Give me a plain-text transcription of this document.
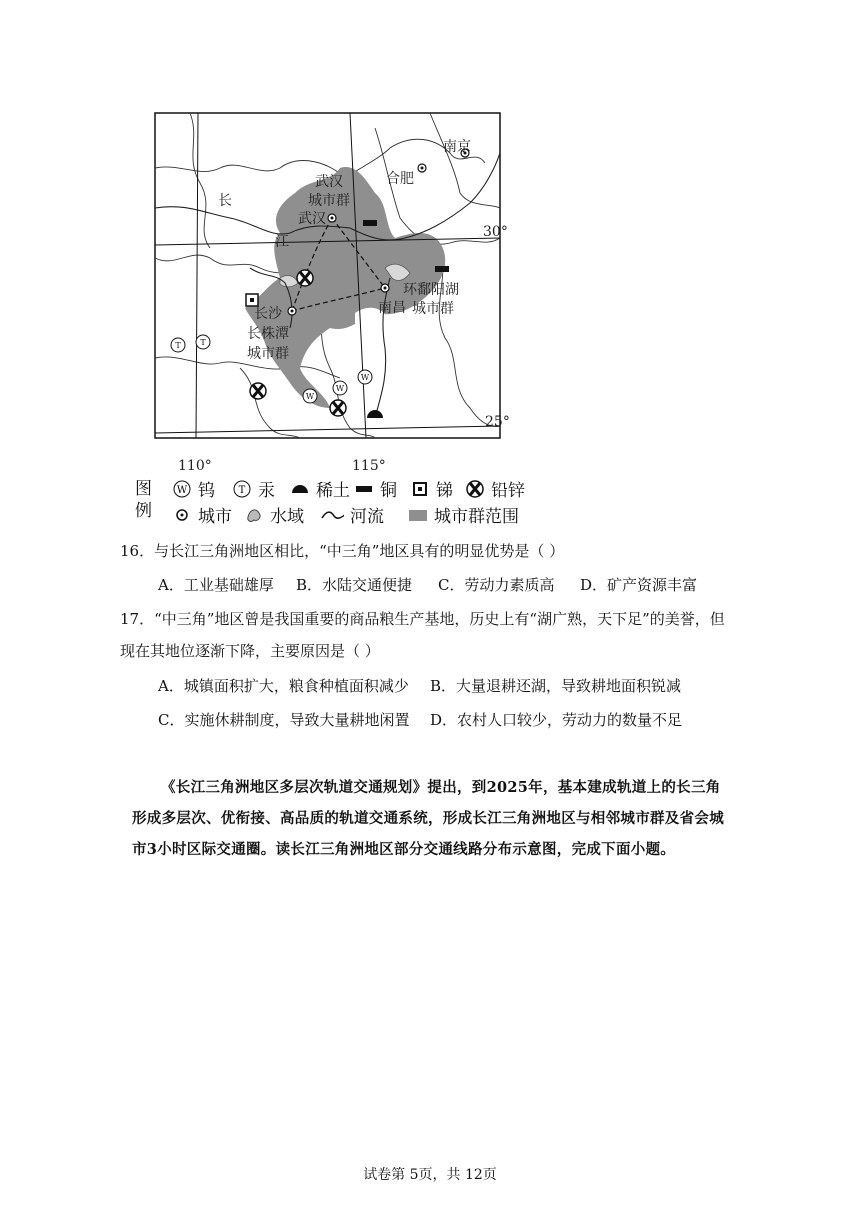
T T
W
W
W
30°
25°
110°	115°
南京
合肥
武汉
城市群
武汉
长沙
长株潭
城市群
环鄱阳湖
城市群
南昌
长
江
图
例
W 钨 T 汞 稀土 铜 锑 铅锌
城市 水域	河流	城市群范围
16．与长江三角洲地区相比，“中三角”地区具有的明显优势是（ ）
A．工业基础雄厚 B．水陆交通便捷 C．劳动力素质高 D．矿产资源丰富
17．“中三角”地区曾是我国重要的商品粮生产基地，历史上有“湖广熟，天下足”的美誉，但
现在其地位逐渐下降，主要原因是（ ）
A．城镇面积扩大，粮食种植面积减少 B．大量退耕还湖，导致耕地面积锐减
C．实施休耕制度，导致大量耕地闲置 D．农村人口较少，劳动力的数量不足
《长江三角洲地区多层次轨道交通规划》提出，到2025年，基本建成轨道上的长三角形成多层次、优衔接、高品质的轨道交通系统，形成长江三角洲地区与相邻城市群及省会城市3小时区际交通圈。读长江三角洲地区部分交通线路分布示意图，完成下面小题。
试卷第 5页，共 12页
